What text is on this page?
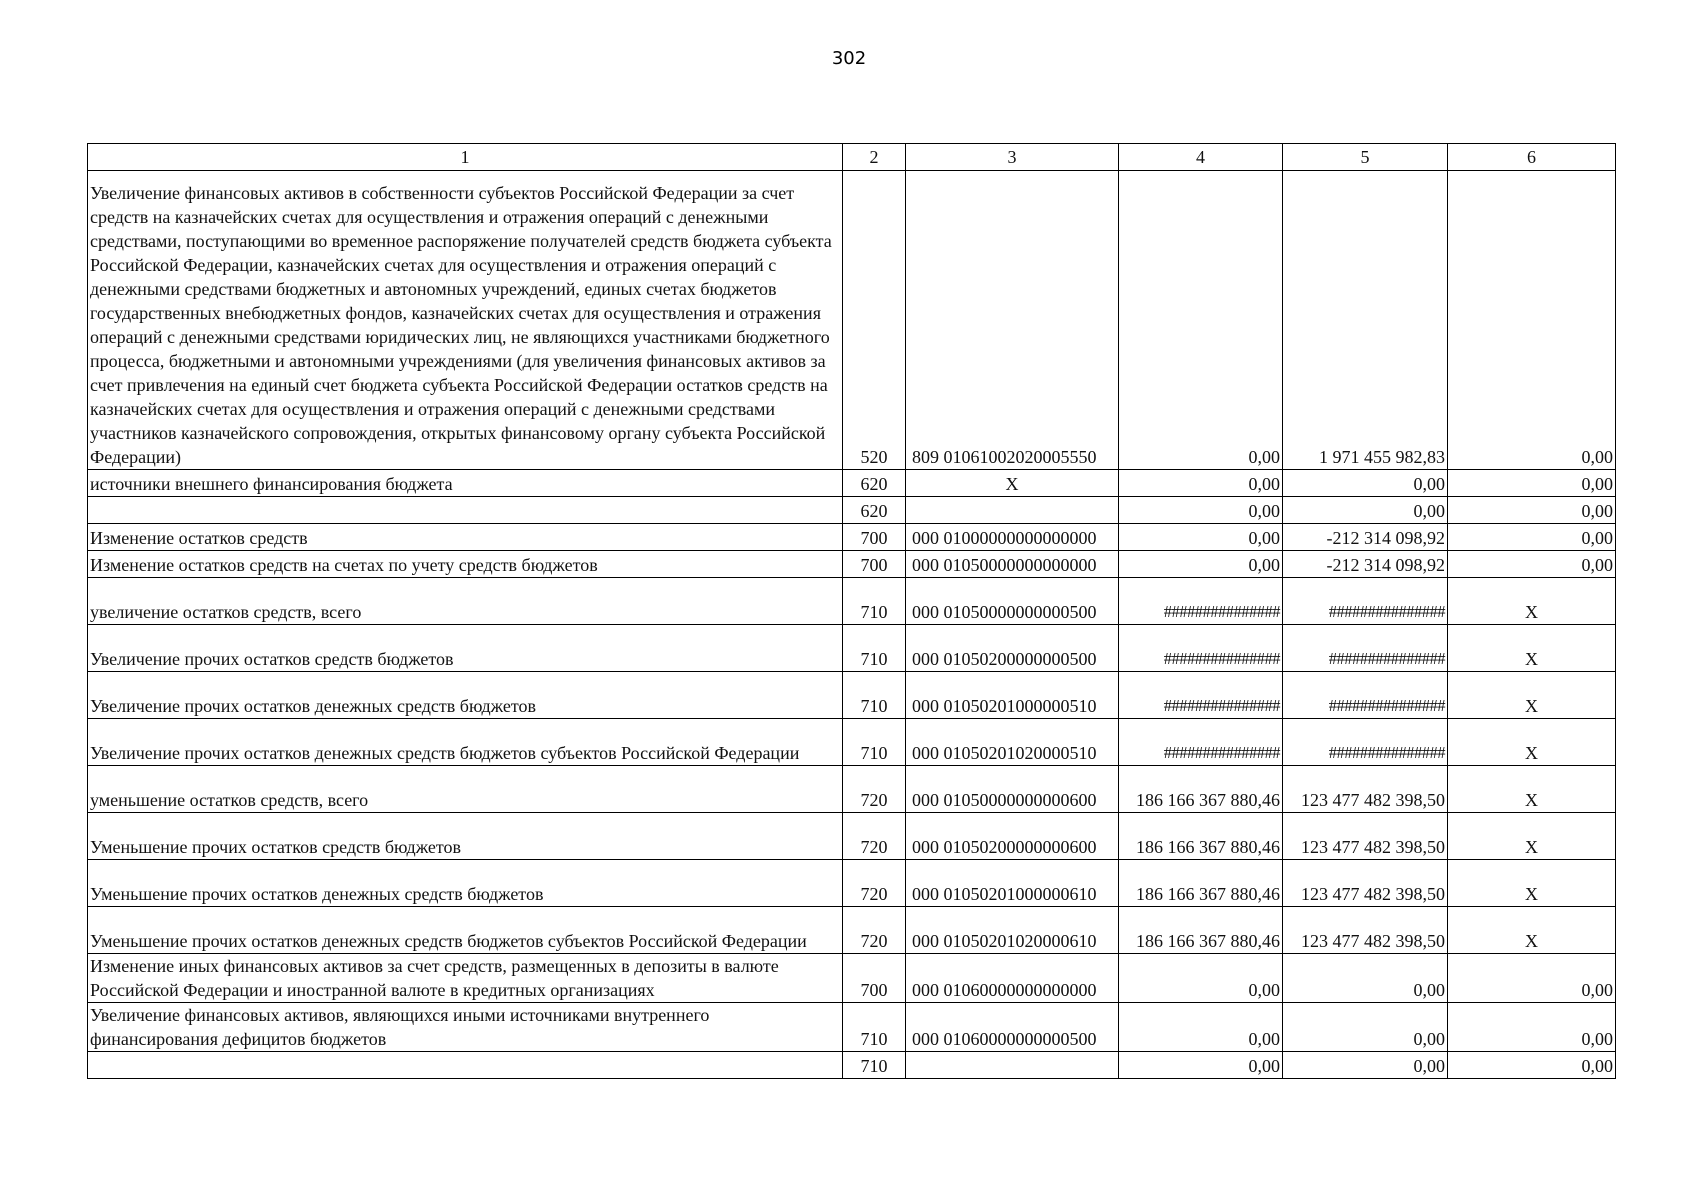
302
1	2	3	4	5	6
Увеличение финансовых активов в собственности субъектов Российской Федерации за счет средств на казначейских счетах для осуществления и отражения операций с денежными средствами, поступающими во временное распоряжение получателей средств бюджета субъекта Российской Федерации, казначейских счетах для осуществления и отражения операций с денежными средствами бюджетных и автономных учреждений, единых счетах бюджетов государственных внебюджетных фондов, казначейских счетах для осуществления и отражения операций с денежными средствами юридических лиц, не являющихся участниками бюджетного процесса, бюджетными и автономными учреждениями (для увеличения финансовых активов за счет привлечения на единый счет бюджета субъекта Российской Федерации остатков средств на казначейских счетах для осуществления и отражения операций с денежными средствами участников казначейского сопровождения, открытых финансовому органу субъекта Российской Федерации)	520	809 01061002020005550	0,00	1 971 455 982,83	0,00
источники внешнего финансирования бюджета	620	X	0,00	0,00	0,00
	620		0,00	0,00	0,00
Изменение остатков средств	700	000 01000000000000000	0,00	-212 314 098,92	0,00
Изменение остатков средств на счетах по учету средств бюджетов	700	000 01050000000000000	0,00	-212 314 098,92	0,00
увеличение остатков средств, всего	710	000 01050000000000500	###############	###############	X
Увеличение прочих остатков средств бюджетов	710	000 01050200000000500	###############	###############	X
Увеличение прочих остатков денежных средств бюджетов	710	000 01050201000000510	###############	###############	X
Увеличение прочих остатков денежных средств бюджетов субъектов Российской Федерации	710	000 01050201020000510	###############	###############	X
уменьшение остатков средств, всего	720	000 01050000000000600	186 166 367 880,46	123 477 482 398,50	X
Уменьшение прочих остатков средств бюджетов	720	000 01050200000000600	186 166 367 880,46	123 477 482 398,50	X
Уменьшение прочих остатков денежных средств бюджетов	720	000 01050201000000610	186 166 367 880,46	123 477 482 398,50	X
Уменьшение прочих остатков денежных средств бюджетов субъектов Российской Федерации	720	000 01050201020000610	186 166 367 880,46	123 477 482 398,50	X
Изменение иных финансовых активов за счет средств, размещенных в депозиты в валюте Российской Федерации и иностранной валюте в кредитных организациях	700	000 01060000000000000	0,00	0,00	0,00
Увеличение финансовых активов, являющихся иными источниками внутреннего финансирования дефицитов бюджетов	710	000 01060000000000500	0,00	0,00	0,00
	710		0,00	0,00	0,00
